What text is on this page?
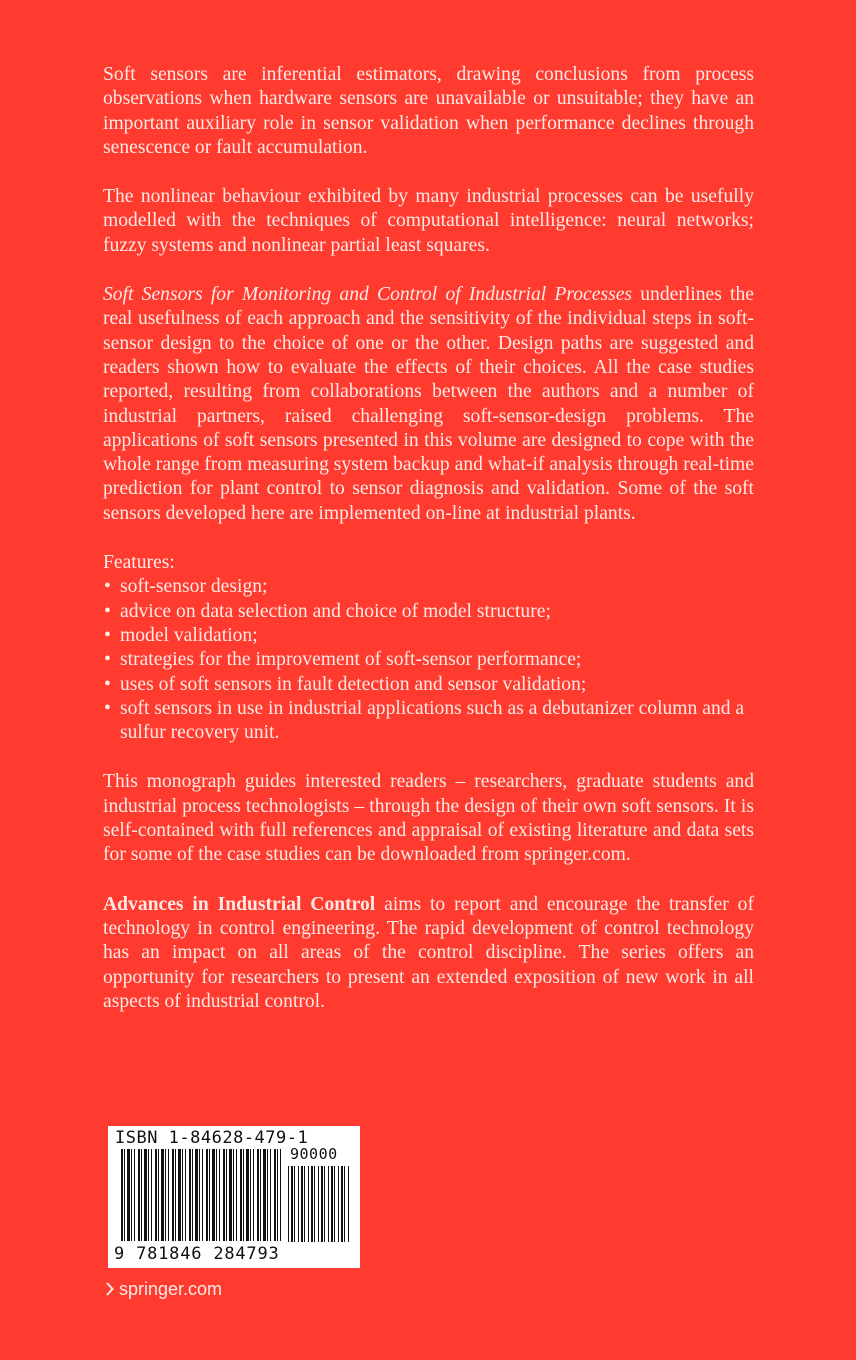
Soft sensors are inferential estimators, drawing conclusions from process observations when hardware sensors are unavailable or unsuitable; they have an important auxiliary role in sensor validation when performance declines through senescence or fault accumulation.

The nonlinear behaviour exhibited by many industrial processes can be usefully modelled with the techniques of computational intelligence: neural networks; fuzzy systems and nonlinear partial least squares.

Soft Sensors for Monitoring and Control of Industrial Processes underlines the real usefulness of each approach and the sensitivity of the individual steps in soft-sensor design to the choice of one or the other. Design paths are suggested and readers shown how to evaluate the effects of their choices. All the case studies reported, resulting from collaborations between the authors and a number of industrial partners, raised challenging soft-sensor-design problems. The applications of soft sensors presented in this volume are designed to cope with the whole range from measuring system backup and what-if analysis through real-time prediction for plant control to sensor diagnosis and validation. Some of the soft sensors developed here are implemented on-line at industrial plants.

Features:

• soft-sensor design;
• advice on data selection and choice of model structure;
• model validation;
• strategies for the improvement of soft-sensor performance;
• uses of soft sensors in fault detection and sensor validation;
• soft sensors in use in industrial applications such as a debutanizer column and a sulfur recovery unit.

This monograph guides interested readers – researchers, graduate students and industrial process technologists – through the design of their own soft sensors. It is self-contained with full references and appraisal of existing literature and data sets for some of the case studies can be downloaded from springer.com.

Advances in Industrial Control aims to report and encourage the transfer of technology in control engineering. The rapid development of control technology has an impact on all areas of the control discipline. The series offers an opportunity for researchers to present an extended exposition of new work in all aspects of industrial control.

ISBN 1-84628-479-1
90000
9 781846 284793
springer.com
